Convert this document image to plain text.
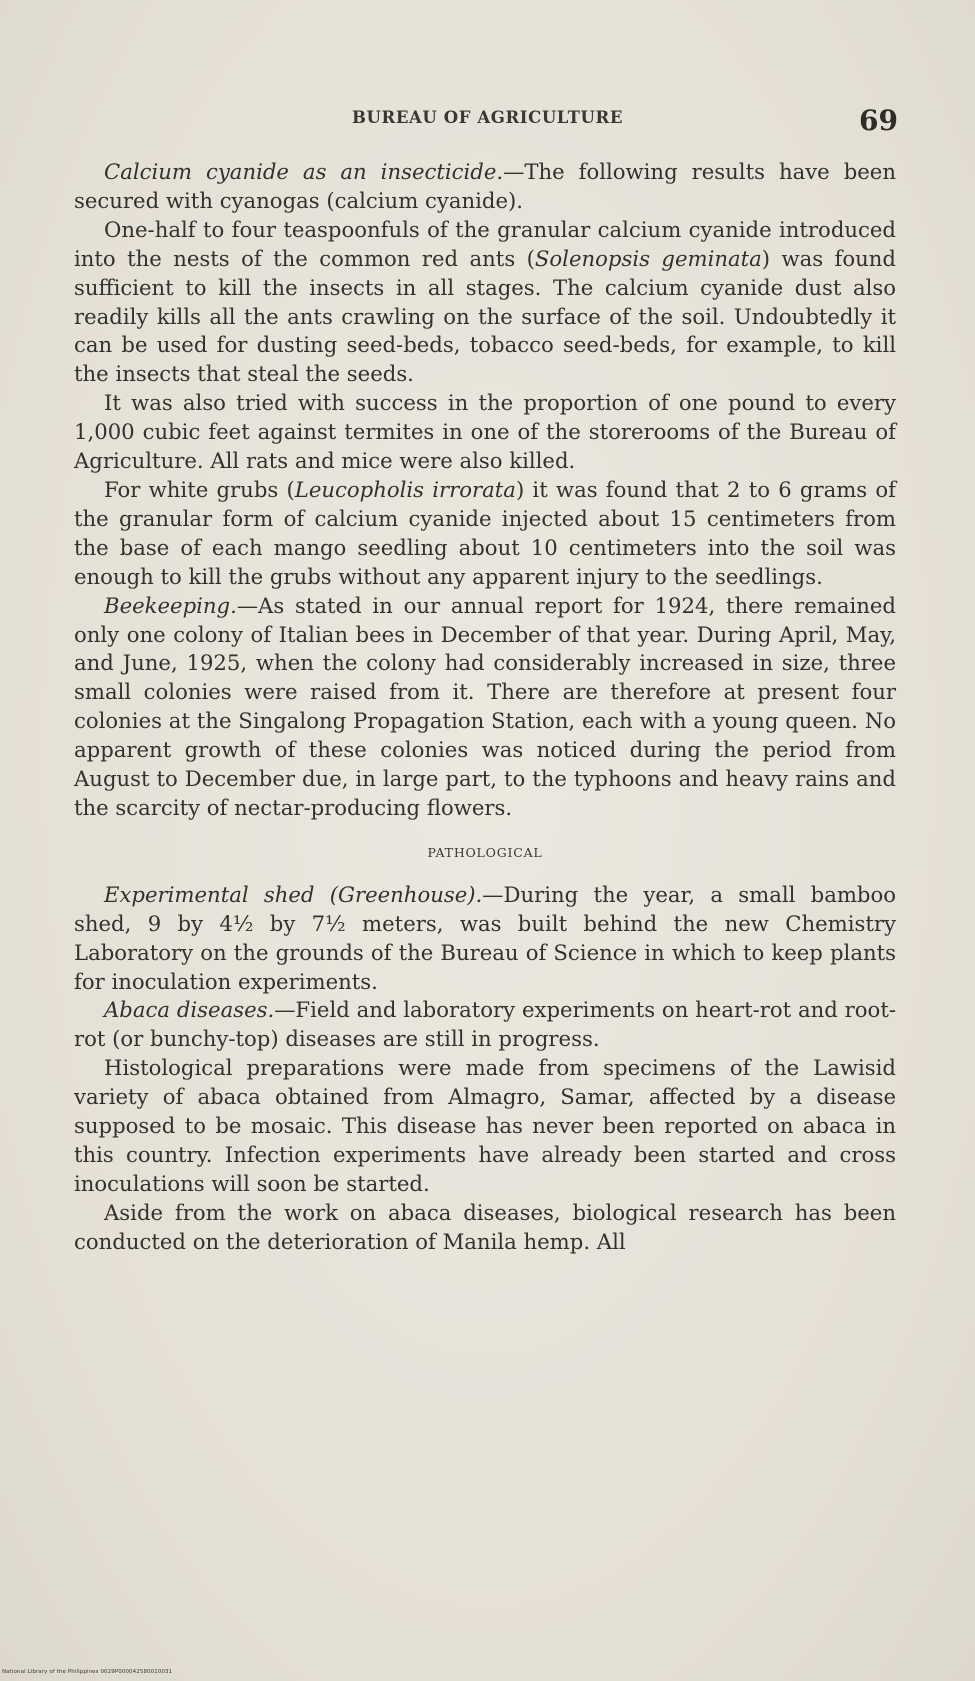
BUREAU OF AGRICULTURE	69

Calcium cyanide as an insecticide.—The following results have been secured with cyanogas (calcium cyanide).

One-half to four teaspoonfuls of the granular calcium cyanide introduced into the nests of the common red ants (Solenopsis geminata) was found sufficient to kill the insects in all stages. The calcium cyanide dust also readily kills all the ants crawling on the surface of the soil. Undoubtedly it can be used for dusting seed-beds, tobacco seed-beds, for example, to kill the insects that steal the seeds.

It was also tried with success in the proportion of one pound to every 1,000 cubic feet against termites in one of the storerooms of the Bureau of Agriculture. All rats and mice were also killed.

For white grubs (Leucopholis irrorata) it was found that 2 to 6 grams of the granular form of calcium cyanide injected about 15 centimeters from the base of each mango seedling about 10 centimeters into the soil was enough to kill the grubs without any apparent injury to the seedlings.

Beekeeping.—As stated in our annual report for 1924, there remained only one colony of Italian bees in December of that year. During April, May, and June, 1925, when the colony had considerably increased in size, three small colonies were raised from it. There are therefore at present four colonies at the Singalong Propagation Station, each with a young queen. No apparent growth of these colonies was noticed during the period from August to December due, in large part, to the typhoons and heavy rains and the scarcity of nectar-producing flowers.

PATHOLOGICAL

Experimental shed (Greenhouse).—During the year, a small bamboo shed, 9 by 4½ by 7½ meters, was built behind the new Chemistry Laboratory on the grounds of the Bureau of Science in which to keep plants for inoculation experiments.

Abaca diseases.—Field and laboratory experiments on heart-rot and root-rot (or bunchy-top) diseases are still in progress.

Histological preparations were made from specimens of the Lawisid variety of abaca obtained from Almagro, Samar, affected by a disease supposed to be mosaic. This disease has never been reported on abaca in this country. Infection experiments have already been started and cross inoculations will soon be started.

Aside from the work on abaca diseases, biological research has been conducted on the deterioration of Manila hemp. All

National Library of the Philippines 0029P000042580010031
